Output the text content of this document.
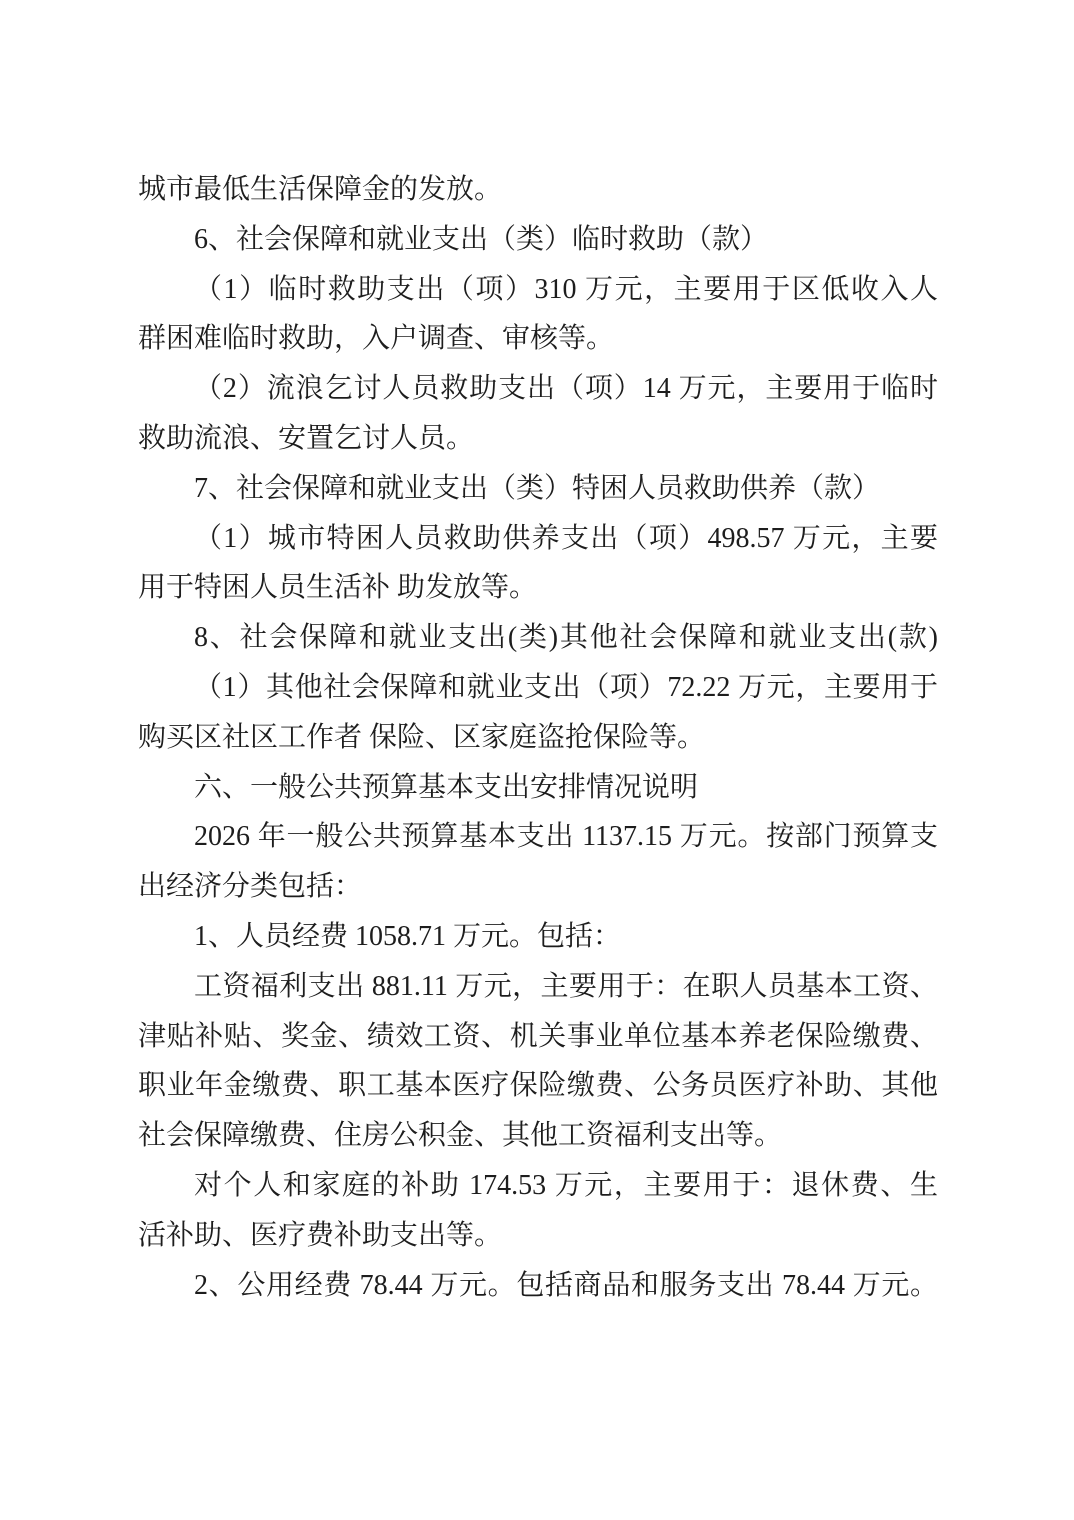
城市最低生活保障金的发放。
6、社会保障和就业支出（类）临时救助（款）
（1）临时救助支出（项）310 万元，主要用于区低收入人
群困难临时救助，入户调查、审核等。
（2）流浪乞讨人员救助支出（项）14 万元，主要用于临时
救助流浪、安置乞讨人员。
7、社会保障和就业支出（类）特困人员救助供养（款）
（1）城市特困人员救助供养支出（项）498.57 万元，主要
用于特困人员生活补 助发放等。
8、社会保障和就业支出(类)其他社会保障和就业支出(款)
（1）其他社会保障和就业支出（项）72.22 万元，主要用于
购买区社区工作者 保险、区家庭盗抢保险等。
六、一般公共预算基本支出安排情况说明
2026 年一般公共预算基本支出 1137.15 万元。按部门预算支
出经济分类包括：
1、人员经费 1058.71 万元。包括：
工资福利支出 881.11 万元，主要用于：在职人员基本工资、
津贴补贴、奖金、绩效工资、机关事业单位基本养老保险缴费、
职业年金缴费、职工基本医疗保险缴费、公务员医疗补助、其他
社会保障缴费、住房公积金、其他工资福利支出等。
对个人和家庭的补助 174.53 万元，主要用于：退休费、生
活补助、医疗费补助支出等。
2、公用经费 78.44 万元。包括商品和服务支出 78.44 万元。
